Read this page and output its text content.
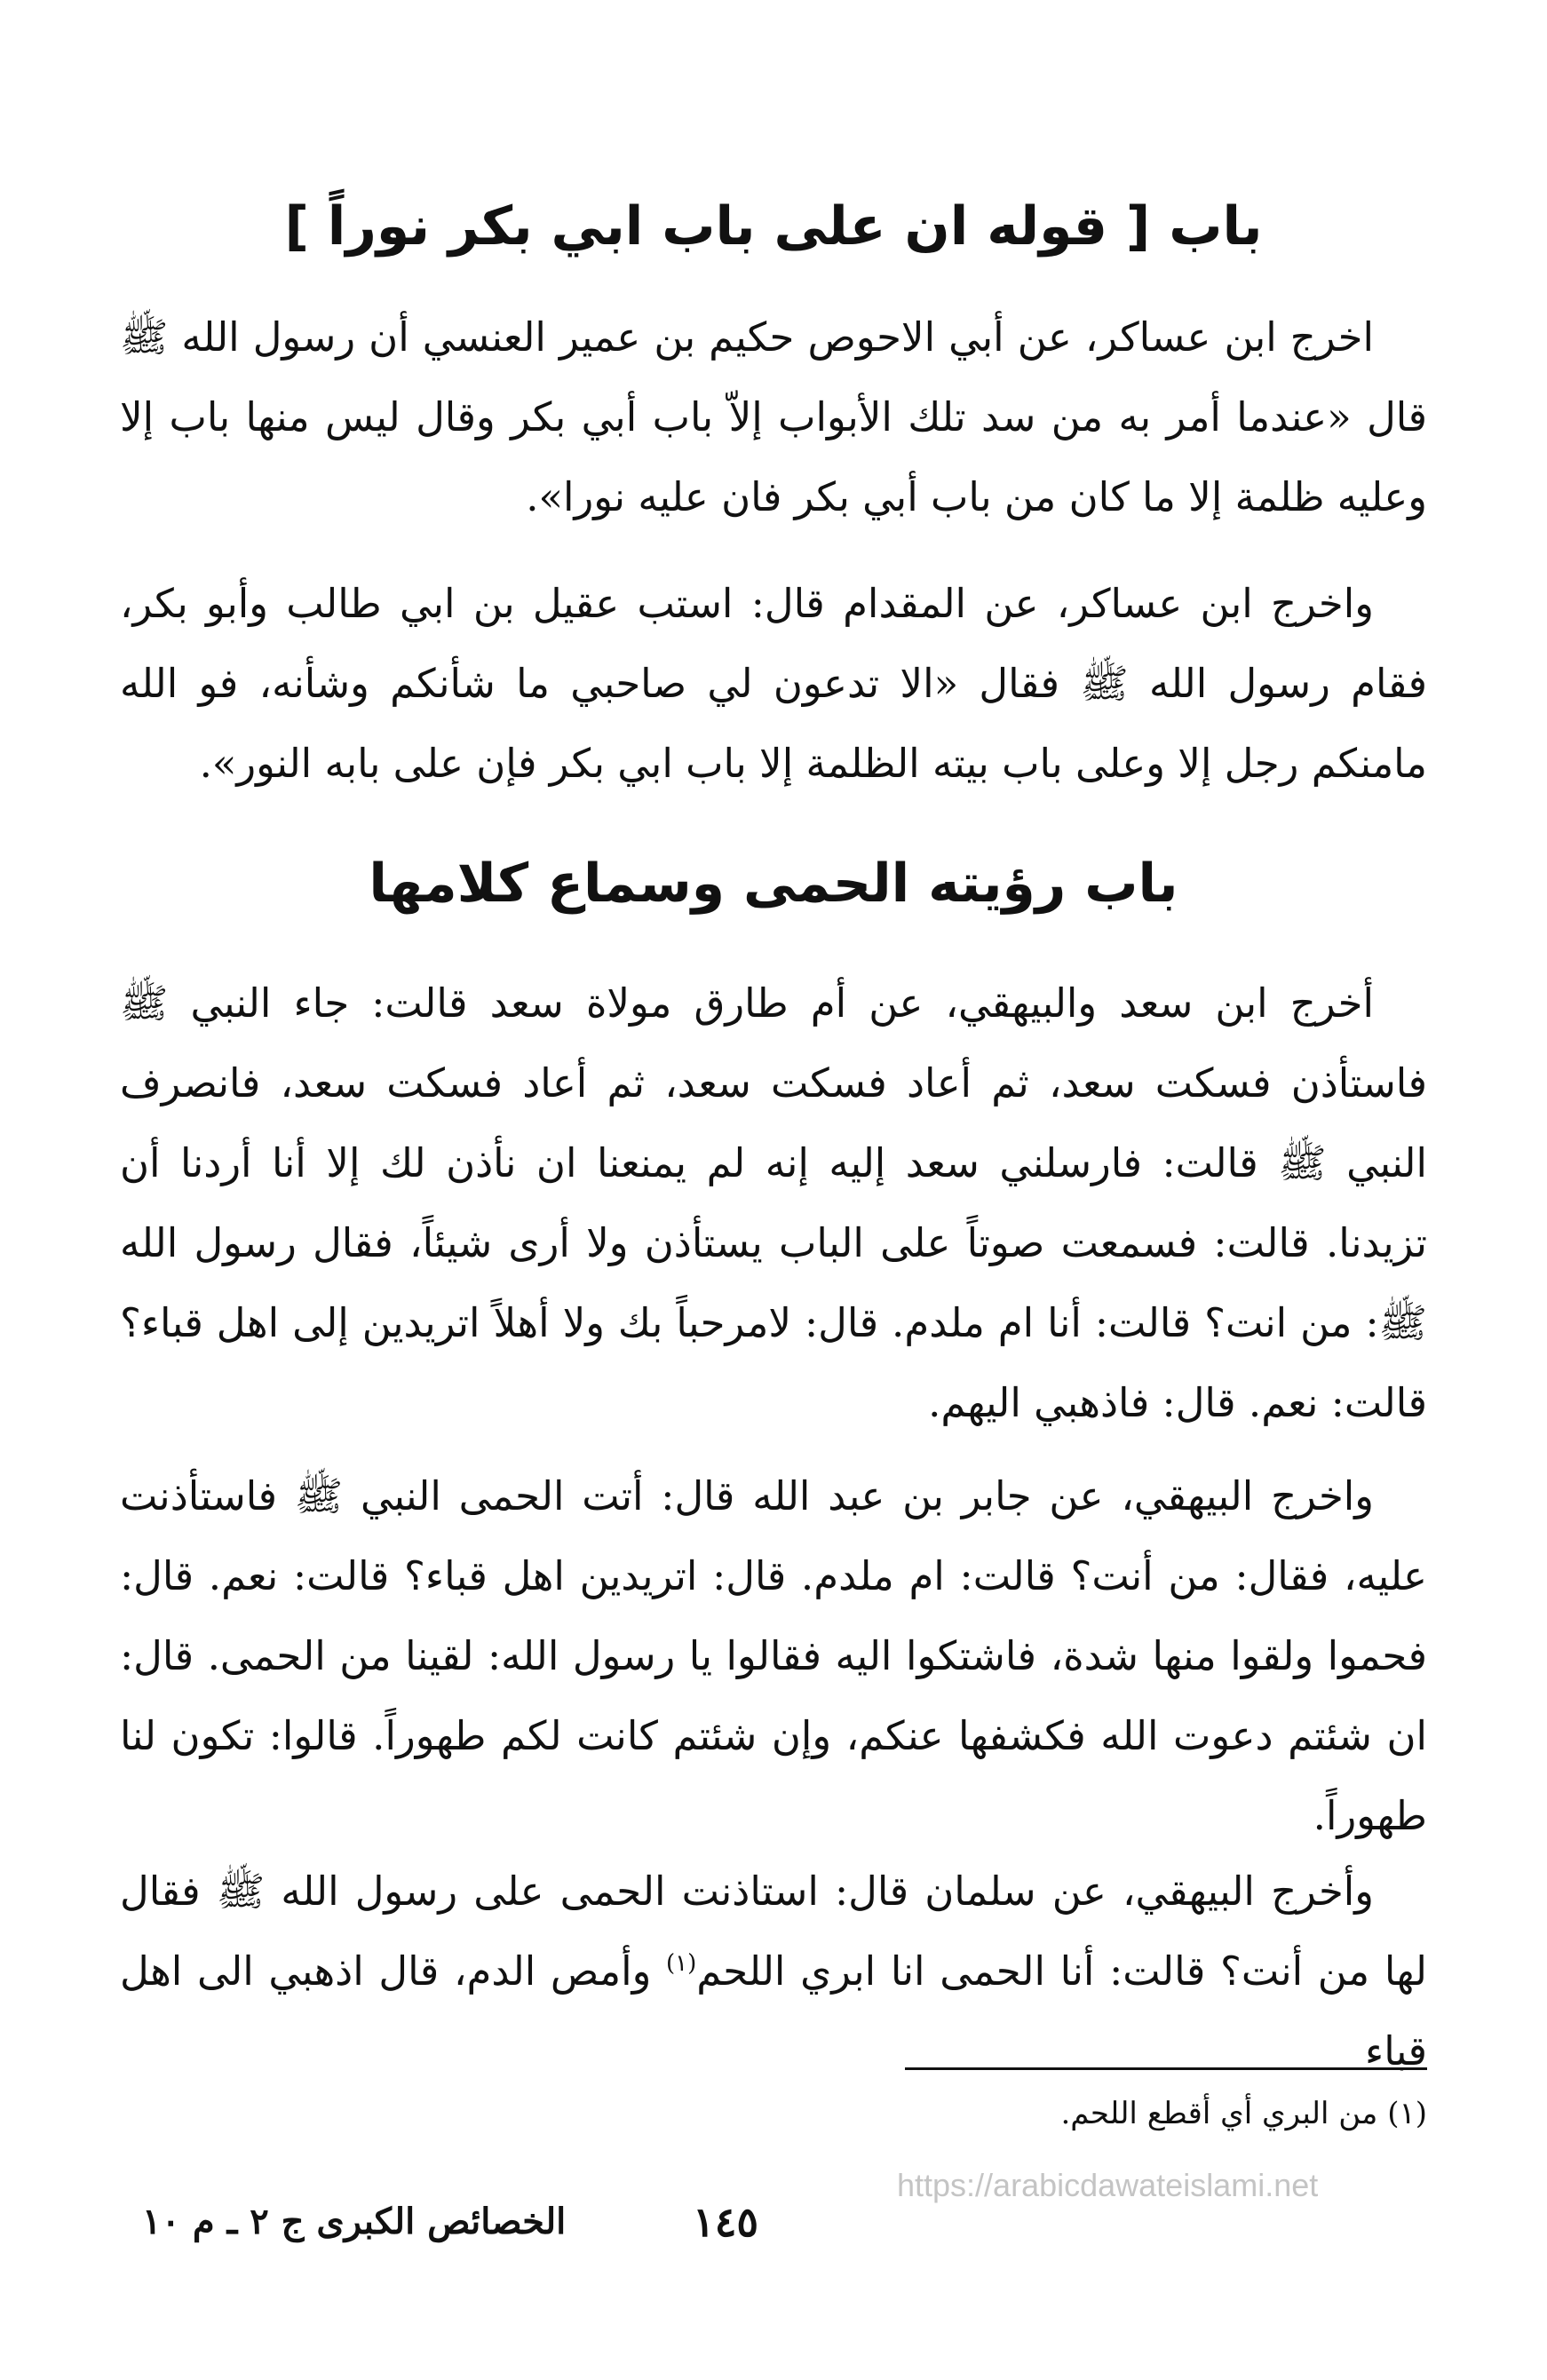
باب [ قوله ان على باب ابي بكر نوراً ]

اخرج ابن عساكر، عن أبي الاحوص حكيم بن عمير العنسي أن رسول الله ﷺ قال «عندما أمر به من سد تلك الأبواب إلاّ باب أبي بكر وقال ليس منها باب إلا وعليه ظلمة إلا ما كان من باب أبي بكر فان عليه نورا».

واخرج ابن عساكر، عن المقدام قال: استب عقيل بن ابي طالب وأبو بكر، فقام رسول الله ﷺ فقال «الا تدعون لي صاحبي ما شأنكم وشأنه، فو الله مامنكم رجل إلا وعلى باب بيته الظلمة إلا باب ابي بكر فإن على بابه النور».

باب رؤيته الحمى وسماع كلامها

أخرج ابن سعد والبيهقي، عن أم طارق مولاة سعد قالت: جاء النبي ﷺ فاستأذن فسكت سعد، ثم أعاد فسكت سعد، ثم أعاد فسكت سعد، فانصرف النبي ﷺ قالت: فارسلني سعد إليه إنه لم يمنعنا ان نأذن لك إلا أنا أردنا أن تزيدنا. قالت: فسمعت صوتاً على الباب يستأذن ولا أرى شيئاً، فقال رسول الله ﷺ: من انت؟ قالت: أنا ام ملدم. قال: لامرحباً بك ولا أهلاً اتريدين إلى اهل قباء؟ قالت: نعم. قال: فاذهبي اليهم.

واخرج البيهقي، عن جابر بن عبد الله قال: أتت الحمى النبي ﷺ فاستأذنت عليه، فقال: من أنت؟ قالت: ام ملدم. قال: اتريدين اهل قباء؟ قالت: نعم. قال: فحموا ولقوا منها شدة، فاشتكوا اليه فقالوا يا رسول الله: لقينا من الحمى. قال: ان شئتم دعوت الله فكشفها عنكم، وإن شئتم كانت لكم طهوراً. قالوا: تكون لنا طهوراً.

وأخرج البيهقي، عن سلمان قال: استاذنت الحمى على رسول الله ﷺ فقال لها من أنت؟ قالت: أنا الحمى انا ابري اللحم$^{(١)}$ وأمص الدم، قال اذهبي الى اهل قباء

(١) من البري أي أقطع اللحم.
https://arabicdawateislami.net
١٤٥
الخصائص الكبرى ج ٢ ـ م ١٠
